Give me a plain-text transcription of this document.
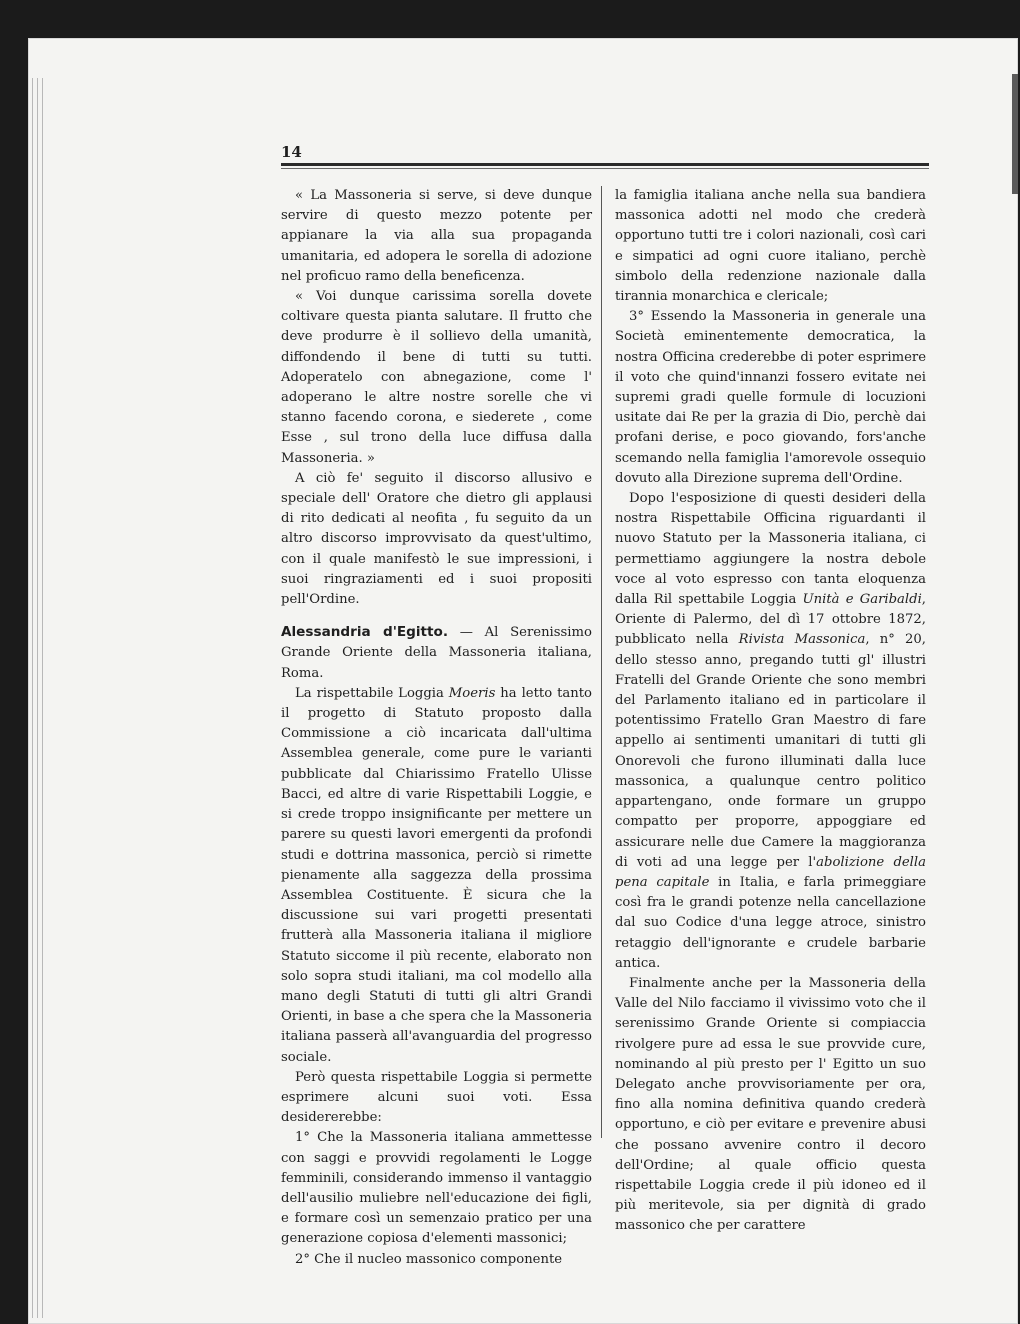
14

« La Massoneria si serve, si deve dunque servire di questo mezzo potente per appianare la via alla sua propaganda umanitaria, ed adopera le sorella di adozione nel proficuo ramo della beneficenza.

« Voi dunque carissima sorella dovete coltivare questa pianta salutare. Il frutto che deve produrre è il sollievo della umanità, diffondendo il bene di tutti su tutti. Adoperatelo con abnegazione, come l' adoperano le altre nostre sorelle che vi stanno facendo corona, e siederete , come Esse , sul trono della luce diffusa dalla Massoneria. »

A ciò fe' seguito il discorso allusivo e speciale dell' Oratore che dietro gli applausi di rito dedicati al neofita , fu seguito da un altro discorso improvvisato da quest'ultimo, con il quale manifestò le sue impressioni, i suoi ringraziamenti ed i suoi propositi pell'Ordine.

Alessandria d'Egitto. — Al Serenissimo Grande Oriente della Massoneria italiana, Roma.

La rispettabile Loggia Moeris ha letto tanto il progetto di Statuto proposto dalla Commissione a ciò incaricata dall'ultima Assemblea generale, come pure le varianti pubblicate dal Chiarissimo Fratello Ulisse Bacci, ed altre di varie Rispettabili Loggie, e si crede troppo insignificante per mettere un parere su questi lavori emergenti da profondi studi e dottrina massonica, perciò si rimette pienamente alla saggezza della prossima Assemblea Costituente. È sicura che la discussione sui vari progetti presentati frutterà alla Massoneria italiana il migliore Statuto siccome il più recente, elaborato non solo sopra studi italiani, ma col modello alla mano degli Statuti di tutti gli altri Grandi Orienti, in base a che spera che la Massoneria italiana passerà all'avanguardia del progresso sociale.

Però questa rispettabile Loggia si permette esprimere alcuni suoi voti. Essa desidererebbe:

1° Che la Massoneria italiana ammettesse con saggi e provvidi regolamenti le Logge femminili, considerando immenso il vantaggio dell'ausilio muliebre nell'educazione dei figli, e formare così un semenzaio pratico per una generazione copiosa d'elementi massonici;

2° Che il nucleo massonico componente

la famiglia italiana anche nella sua bandiera massonica adotti nel modo che crederà opportuno tutti tre i colori nazionali, così cari e simpatici ad ogni cuore italiano, perchè simbolo della redenzione nazionale dalla tirannia monarchica e clericale;

3° Essendo la Massoneria in generale una Società eminentemente democratica, la nostra Officina crederebbe di poter esprimere il voto che quind'innanzi fossero evitate nei supremi gradi quelle formule di locuzioni usitate dai Re per la grazia di Dio, perchè dai profani derise, e poco giovando, fors'anche scemando nella famiglia l'amorevole ossequio dovuto alla Direzione suprema dell'Ordine.

Dopo l'esposizione di questi desideri della nostra Rispettabile Officina riguardanti il nuovo Statuto per la Massoneria italiana, ci permettiamo aggiungere la nostra debole voce al voto espresso con tanta eloquenza dalla Ril spettabile Loggia Unità e Garibaldi, Oriente di Palermo, del dì 17 ottobre 1872, pubblicato nella Rivista Massonica, n° 20, dello stesso anno, pregando tutti gl' illustri Fratelli del Grande Oriente che sono membri del Parlamento italiano ed in particolare il potentissimo Fratello Gran Maestro di fare appello ai sentimenti umanitari di tutti gli Onorevoli che furono illuminati dalla luce massonica, a qualunque centro politico appartengano, onde formare un gruppo compatto per proporre, appoggiare ed assicurare nelle due Camere la maggioranza di voti ad una legge per l'abolizione della pena capitale in Italia, e farla primeggiare così fra le grandi potenze nella cancellazione dal suo Codice d'una legge atroce, sinistro retaggio dell'ignorante e crudele barbarie antica.

Finalmente anche per la Massoneria della Valle del Nilo facciamo il vivissimo voto che il serenissimo Grande Oriente si compiaccia rivolgere pure ad essa le sue provvide cure, nominando al più presto per l' Egitto un suo Delegato anche provvisoriamente per ora, fino alla nomina definitiva quando crederà opportuno, e ciò per evitare e prevenire abusi che possano avvenire contro il decoro dell'Ordine; al quale officio questa rispettabile Loggia crede il più idoneo ed il più meritevole, sia per dignità di grado massonico che per carattere
